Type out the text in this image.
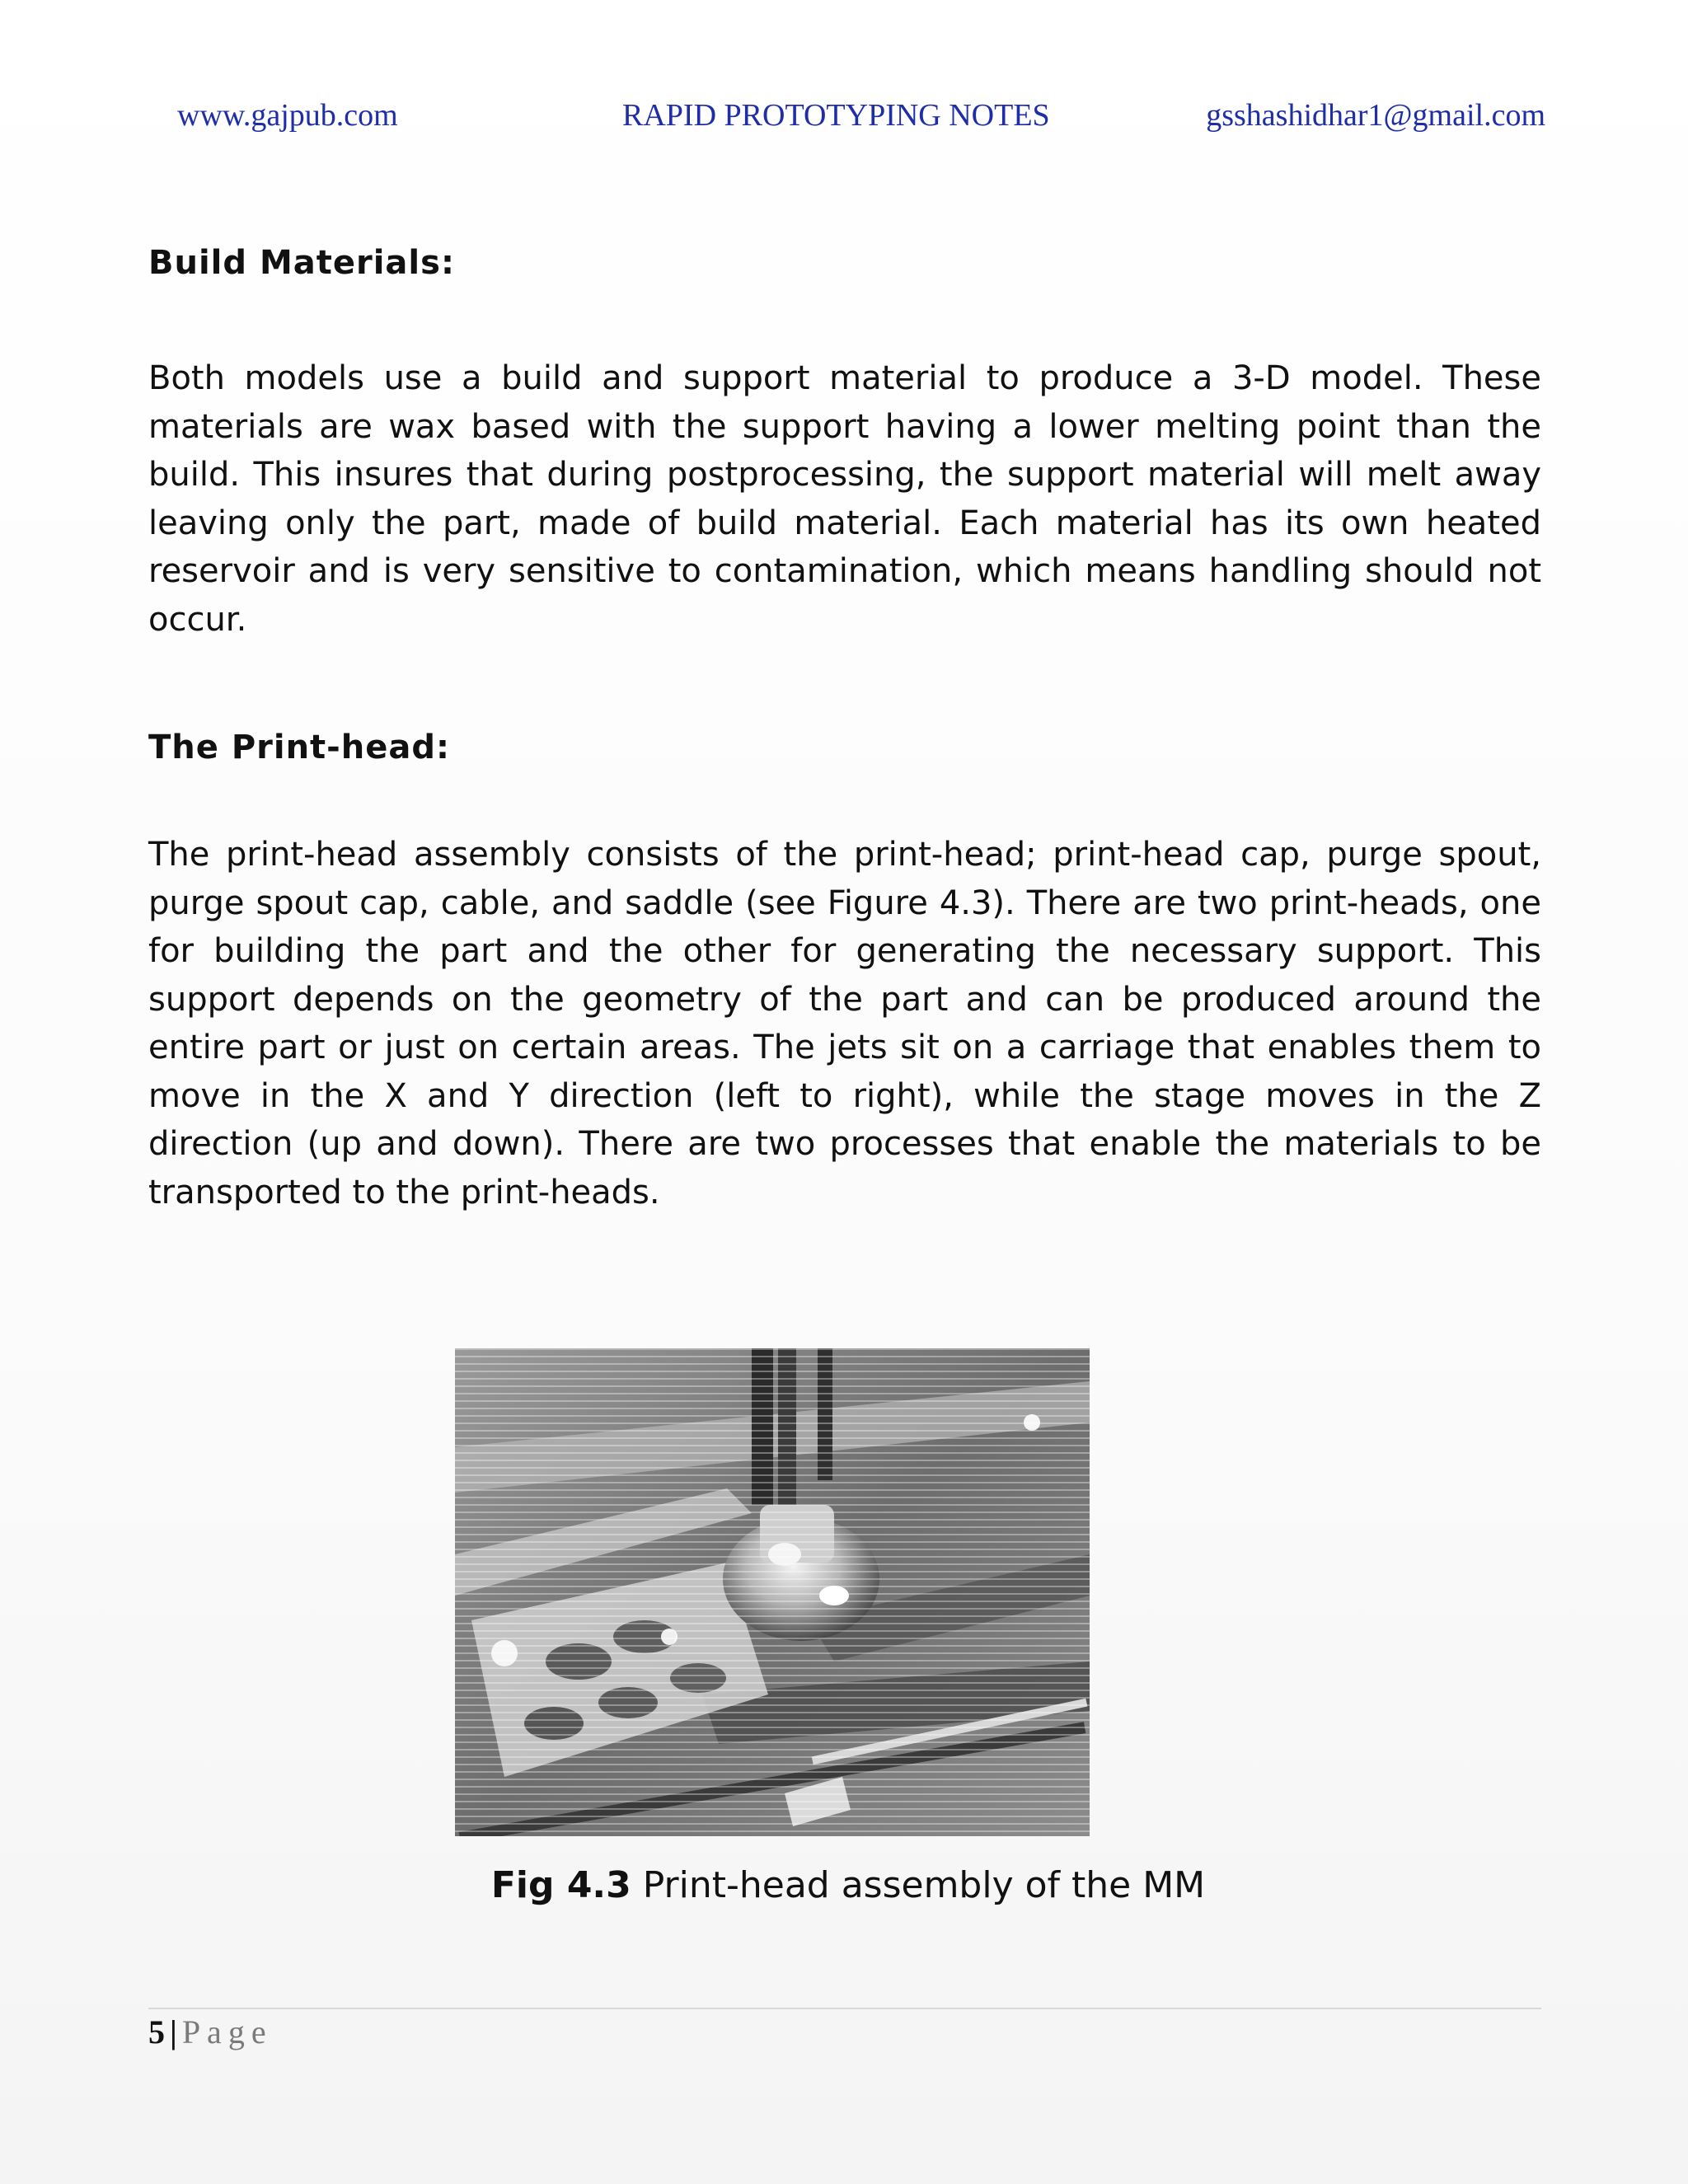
www.gajpub.com	RAPID PROTOTYPING NOTES	gsshashidhar1@gmail.com
Build Materials:

Both models use a build and support material to produce a 3-D model. These materials are wax based with the support having a lower melting point than the build. This insures that during postprocessing, the support material will melt away leaving only the part, made of build material. Each material has its own heated reservoir and is very sensitive to contamination, which means handling should not occur.

The Print-head:

The print-head assembly consists of the print-head; print-head cap, purge spout, purge spout cap, cable, and saddle (see Figure 4.3). There are two print-heads, one for building the part and the other for generating the necessary support. This support depends on the geometry of the part and can be produced around the entire part or just on certain areas. The jets sit on a carriage that enables them to move in the X and Y direction (left to right), while the stage moves in the Z direction (up and down). There are two processes that enable the materials to be transported to the print-heads.

Fig 4.3 Print-head assembly of the MM
5 | Page
